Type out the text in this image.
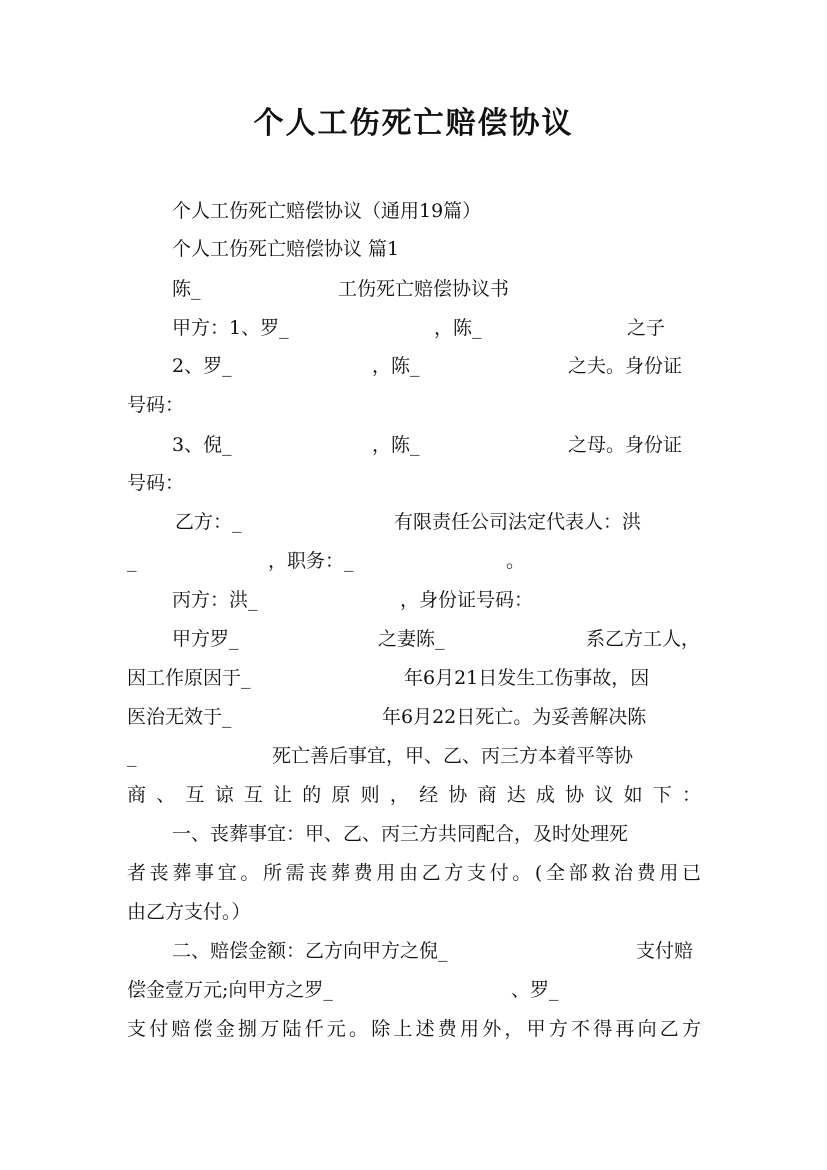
个人工伤死亡赔偿协议
个人工伤死亡赔偿协议（通用19篇）
个人工伤死亡赔偿协议 篇1
陈_	工伤死亡赔偿协议书
甲方：1、罗_	，陈_	之子
2、罗_	，陈_	之夫。身份证
号码：
3、倪_	，陈_	之母。身份证
号码：
乙方：_	有限责任公司法定代表人：洪
_	，职务：_	。
丙方：洪_	，身份证号码：
甲方罗_	之妻陈_	系乙方工人，
因工作原因于_	年6月21日发生工伤事故，因
医治无效于_	年6月22日死亡。为妥善解决陈
_	死亡善后事宜，甲、乙、丙三方本着平等协
商、互谅互让的原则，经协商达成协议如下：
一、丧葬事宜：甲、乙、丙三方共同配合，及时处理死
者丧葬事宜。所需丧葬费用由乙方支付。(全部救治费用已
由乙方支付。）
二、赔偿金额：乙方向甲方之倪_	支付赔
偿金壹万元;向甲方之罗_	、罗_
支付赔偿金捌万陆仟元。除上述费用外，甲方不得再向乙方
